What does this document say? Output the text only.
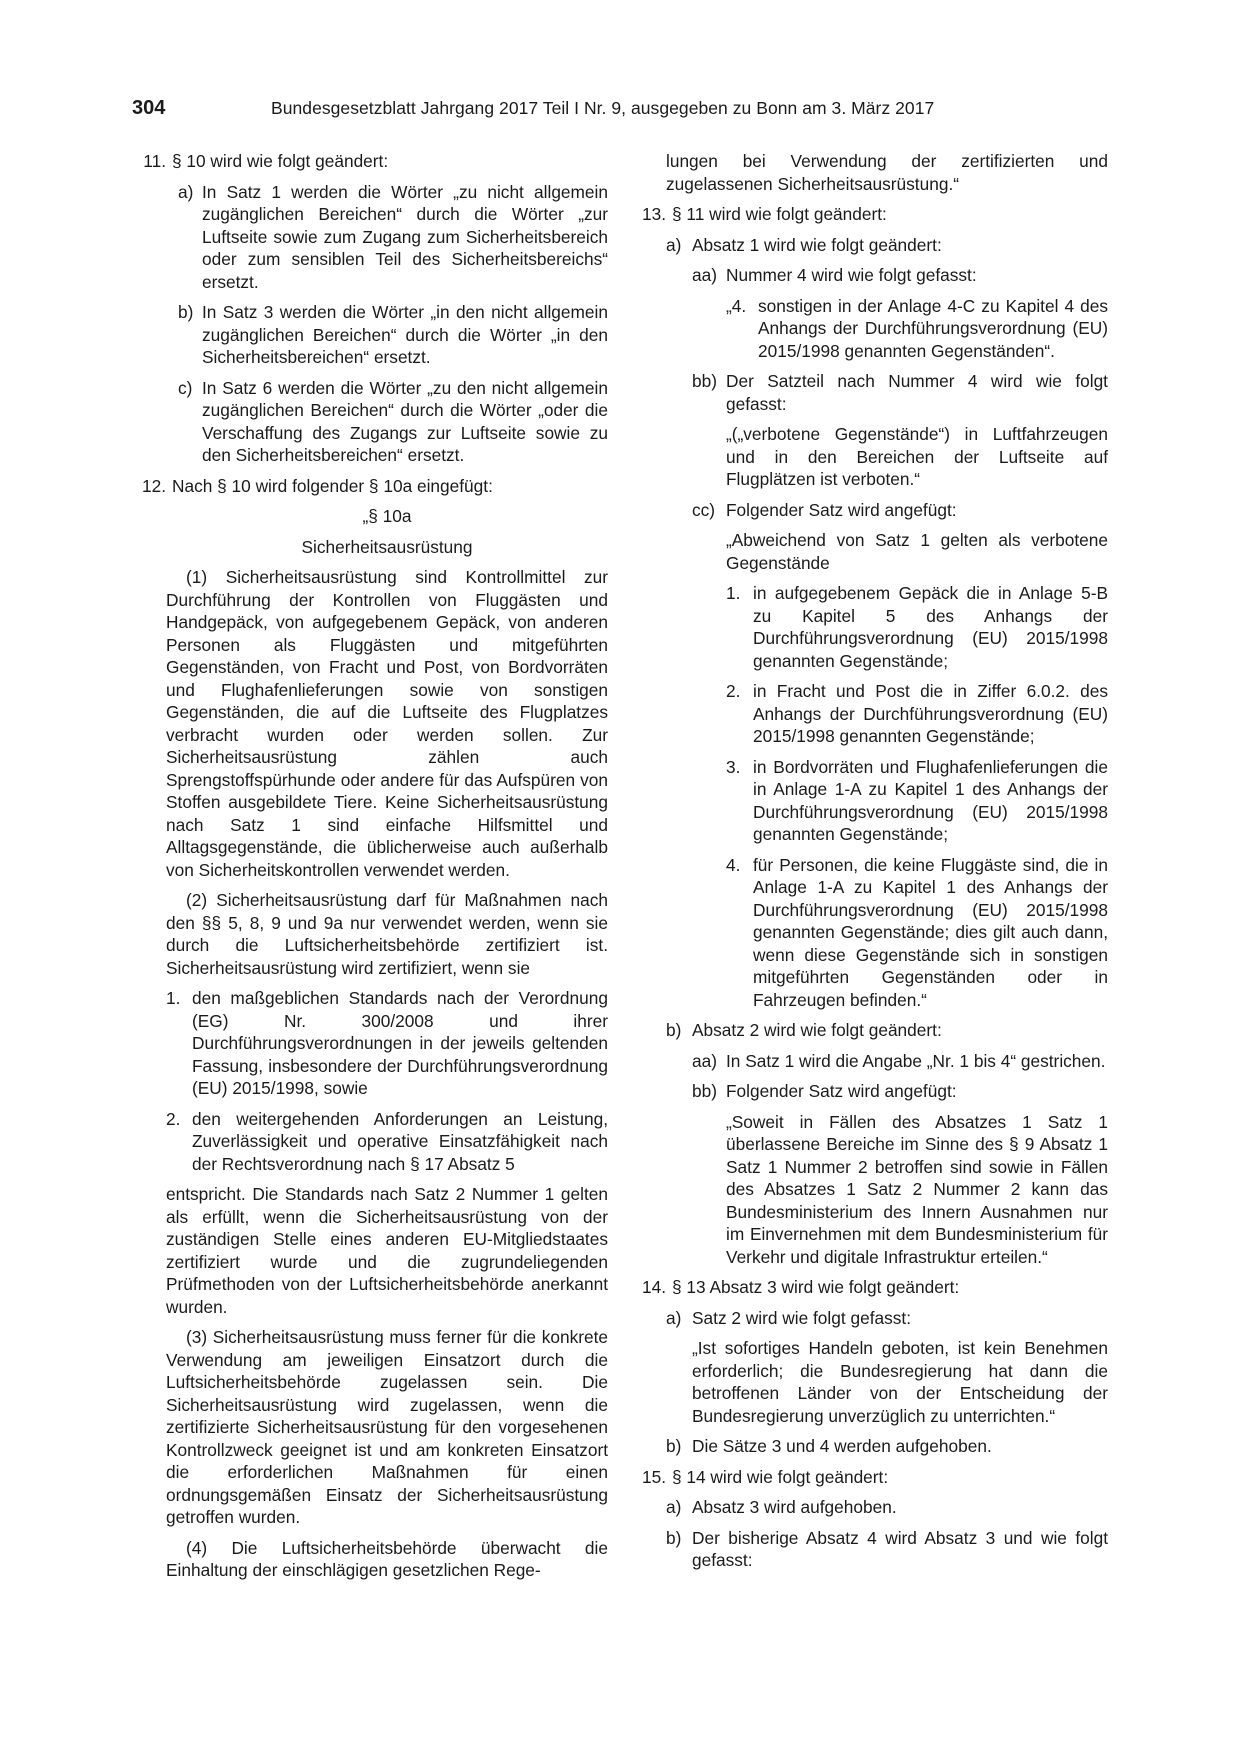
304	Bundesgesetzblatt Jahrgang 2017 Teil I Nr. 9, ausgegeben zu Bonn am 3. März 2017
11. § 10 wird wie folgt geändert:
a) In Satz 1 werden die Wörter „zu nicht allgemein zugänglichen Bereichen“ durch die Wörter „zur Luftseite sowie zum Zugang zum Sicherheitsbereich oder zum sensiblen Teil des Sicherheitsbereichs“ ersetzt.
b) In Satz 3 werden die Wörter „in den nicht allgemein zugänglichen Bereichen“ durch die Wörter „in den Sicherheitsbereichen“ ersetzt.
c) In Satz 6 werden die Wörter „zu den nicht allgemein zugänglichen Bereichen“ durch die Wörter „oder die Verschaffung des Zugangs zur Luftseite sowie zu den Sicherheitsbereichen“ ersetzt.
12. Nach § 10 wird folgender § 10a eingefügt:
„§ 10a
Sicherheitsausrüstung
(1) Sicherheitsausrüstung sind Kontrollmittel zur Durchführung der Kontrollen von Fluggästen und Handgepäck, von aufgegebenem Gepäck, von anderen Personen als Fluggästen und mitgeführten Gegenständen, von Fracht und Post, von Bordvorräten und Flughafenlieferungen sowie von sonstigen Gegenständen, die auf die Luftseite des Flugplatzes verbracht wurden oder werden sollen. Zur Sicherheitsausrüstung zählen auch Sprengstoffspürhunde oder andere für das Aufspüren von Stoffen ausgebildete Tiere. Keine Sicherheitsausrüstung nach Satz 1 sind einfache Hilfsmittel und Alltagsgegenstände, die üblicherweise auch außerhalb von Sicherheitskontrollen verwendet werden.
(2) Sicherheitsausrüstung darf für Maßnahmen nach den §§ 5, 8, 9 und 9a nur verwendet werden, wenn sie durch die Luftsicherheitsbehörde zertifiziert ist. Sicherheitsausrüstung wird zertifiziert, wenn sie
1. den maßgeblichen Standards nach der Verordnung (EG) Nr. 300/2008 und ihrer Durchführungsverordnungen in der jeweils geltenden Fassung, insbesondere der Durchführungsverordnung (EU) 2015/1998, sowie
2. den weitergehenden Anforderungen an Leistung, Zuverlässigkeit und operative Einsatzfähigkeit nach der Rechtsverordnung nach § 17 Absatz 5
entspricht. Die Standards nach Satz 2 Nummer 1 gelten als erfüllt, wenn die Sicherheitsausrüstung von der zuständigen Stelle eines anderen EU-Mitgliedstaates zertifiziert wurde und die zugrundeliegenden Prüfmethoden von der Luftsicherheitsbehörde anerkannt wurden.
(3) Sicherheitsausrüstung muss ferner für die konkrete Verwendung am jeweiligen Einsatzort durch die Luftsicherheitsbehörde zugelassen sein. Die Sicherheitsausrüstung wird zugelassen, wenn die zertifizierte Sicherheitsausrüstung für den vorgesehenen Kontrollzweck geeignet ist und am konkreten Einsatzort die erforderlichen Maßnahmen für einen ordnungsgemäßen Einsatz der Sicherheitsausrüstung getroffen wurden.
(4) Die Luftsicherheitsbehörde überwacht die Einhaltung der einschlägigen gesetzlichen Rege-
lungen bei Verwendung der zertifizierten und zugelassenen Sicherheitsausrüstung.“
13. § 11 wird wie folgt geändert:
a) Absatz 1 wird wie folgt geändert:
aa) Nummer 4 wird wie folgt gefasst:
„4. sonstigen in der Anlage 4-C zu Kapitel 4 des Anhangs der Durchführungsverordnung (EU) 2015/1998 genannten Gegenständen“.
bb) Der Satzteil nach Nummer 4 wird wie folgt gefasst:
„(„verbotene Gegenstände“) in Luftfahrzeugen und in den Bereichen der Luftseite auf Flugplätzen ist verboten.“
cc) Folgender Satz wird angefügt:
„Abweichend von Satz 1 gelten als verbotene Gegenstände
1. in aufgegebenem Gepäck die in Anlage 5-B zu Kapitel 5 des Anhangs der Durchführungsverordnung (EU) 2015/1998 genannten Gegenstände;
2. in Fracht und Post die in Ziffer 6.0.2. des Anhangs der Durchführungsverordnung (EU) 2015/1998 genannten Gegenstände;
3. in Bordvorräten und Flughafenlieferungen die in Anlage 1-A zu Kapitel 1 des Anhangs der Durchführungsverordnung (EU) 2015/1998 genannten Gegenstände;
4. für Personen, die keine Fluggäste sind, die in Anlage 1-A zu Kapitel 1 des Anhangs der Durchführungsverordnung (EU) 2015/1998 genannten Gegenstände; dies gilt auch dann, wenn diese Gegenstände sich in sonstigen mitgeführten Gegenständen oder in Fahrzeugen befinden.“
b) Absatz 2 wird wie folgt geändert:
aa) In Satz 1 wird die Angabe „Nr. 1 bis 4“ gestrichen.
bb) Folgender Satz wird angefügt:
„Soweit in Fällen des Absatzes 1 Satz 1 überlassene Bereiche im Sinne des § 9 Absatz 1 Satz 1 Nummer 2 betroffen sind sowie in Fällen des Absatzes 1 Satz 2 Nummer 2 kann das Bundesministerium des Innern Ausnahmen nur im Einvernehmen mit dem Bundesministerium für Verkehr und digitale Infrastruktur erteilen.“
14. § 13 Absatz 3 wird wie folgt geändert:
a) Satz 2 wird wie folgt gefasst:
„Ist sofortiges Handeln geboten, ist kein Benehmen erforderlich; die Bundesregierung hat dann die betroffenen Länder von der Entscheidung der Bundesregierung unverzüglich zu unterrichten.“
b) Die Sätze 3 und 4 werden aufgehoben.
15. § 14 wird wie folgt geändert:
a) Absatz 3 wird aufgehoben.
b) Der bisherige Absatz 4 wird Absatz 3 und wie folgt gefasst:
